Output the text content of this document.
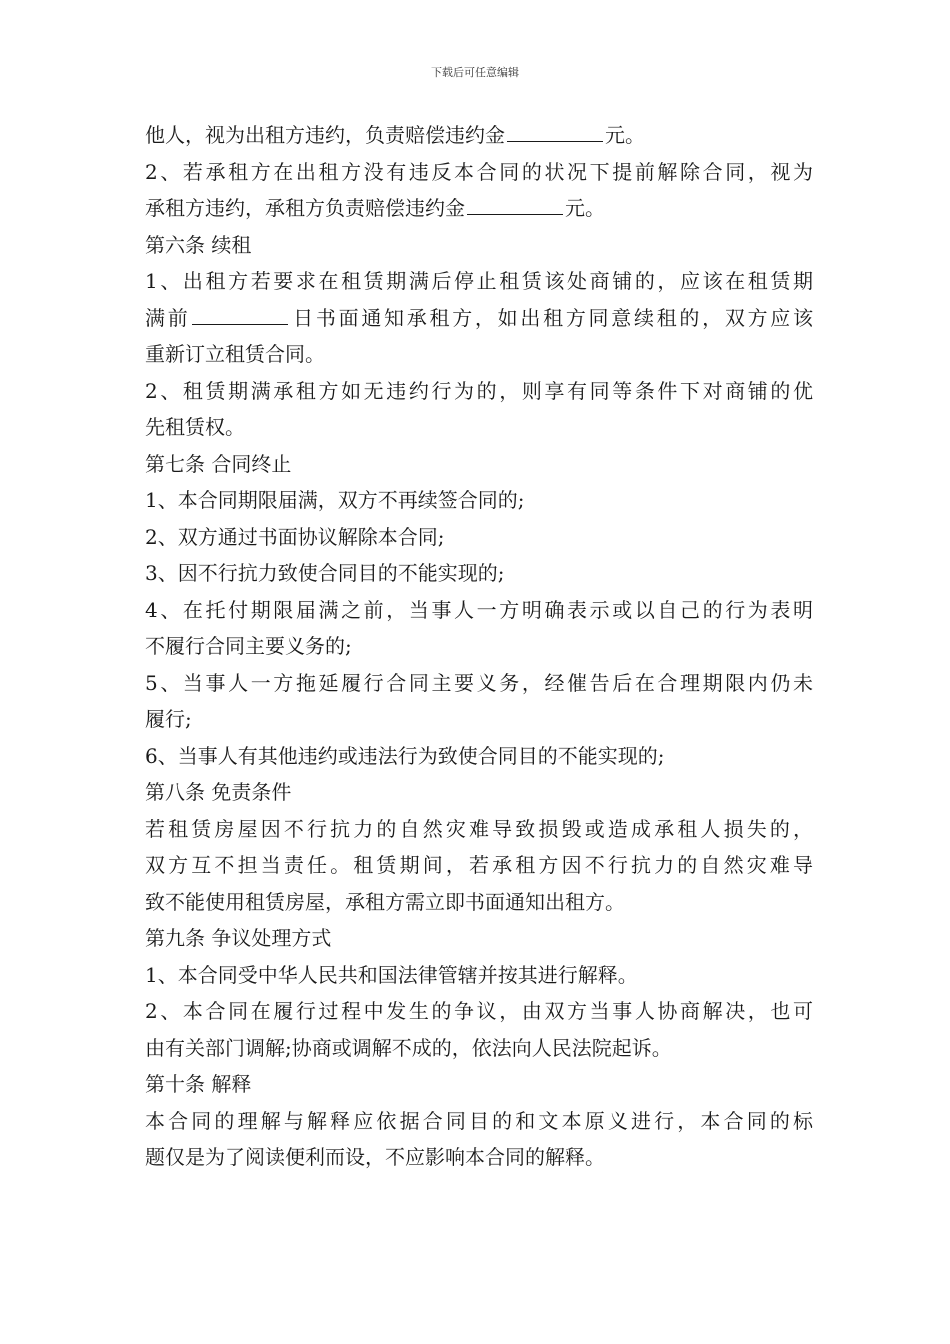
下载后可任意编辑
他人，视为出租方违约，负责赔偿违约金	元。
2、若承租方在出租方没有违反本合同的状况下提前解除合同，视为
承租方违约，承租方负责赔偿违约金	元。
第六条 续租
1、出租方若要求在租赁期满后停止租赁该处商铺的，应该在租赁期
满前	日书面通知承租方，如出租方同意续租的，双方应该
重新订立租赁合同。
2、租赁期满承租方如无违约行为的，则享有同等条件下对商铺的优
先租赁权。
第七条 合同终止
1、本合同期限届满，双方不再续签合同的;
2、双方通过书面协议解除本合同;
3、因不行抗力致使合同目的不能实现的;
4、在托付期限届满之前，当事人一方明确表示或以自己的行为表明
不履行合同主要义务的;
5、当事人一方拖延履行合同主要义务，经催告后在合理期限内仍未
履行;
6、当事人有其他违约或违法行为致使合同目的不能实现的;
第八条 免责条件
若租赁房屋因不行抗力的自然灾难导致损毁或造成承租人损失的，
双方互不担当责任。租赁期间，若承租方因不行抗力的自然灾难导
致不能使用租赁房屋，承租方需立即书面通知出租方。
第九条 争议处理方式
1、本合同受中华人民共和国法律管辖并按其进行解释。
2、本合同在履行过程中发生的争议，由双方当事人协商解决，也可
由有关部门调解;协商或调解不成的，依法向人民法院起诉。
第十条 解释
本合同的理解与解释应依据合同目的和文本原义进行，本合同的标
题仅是为了阅读便利而设，不应影响本合同的解释。
